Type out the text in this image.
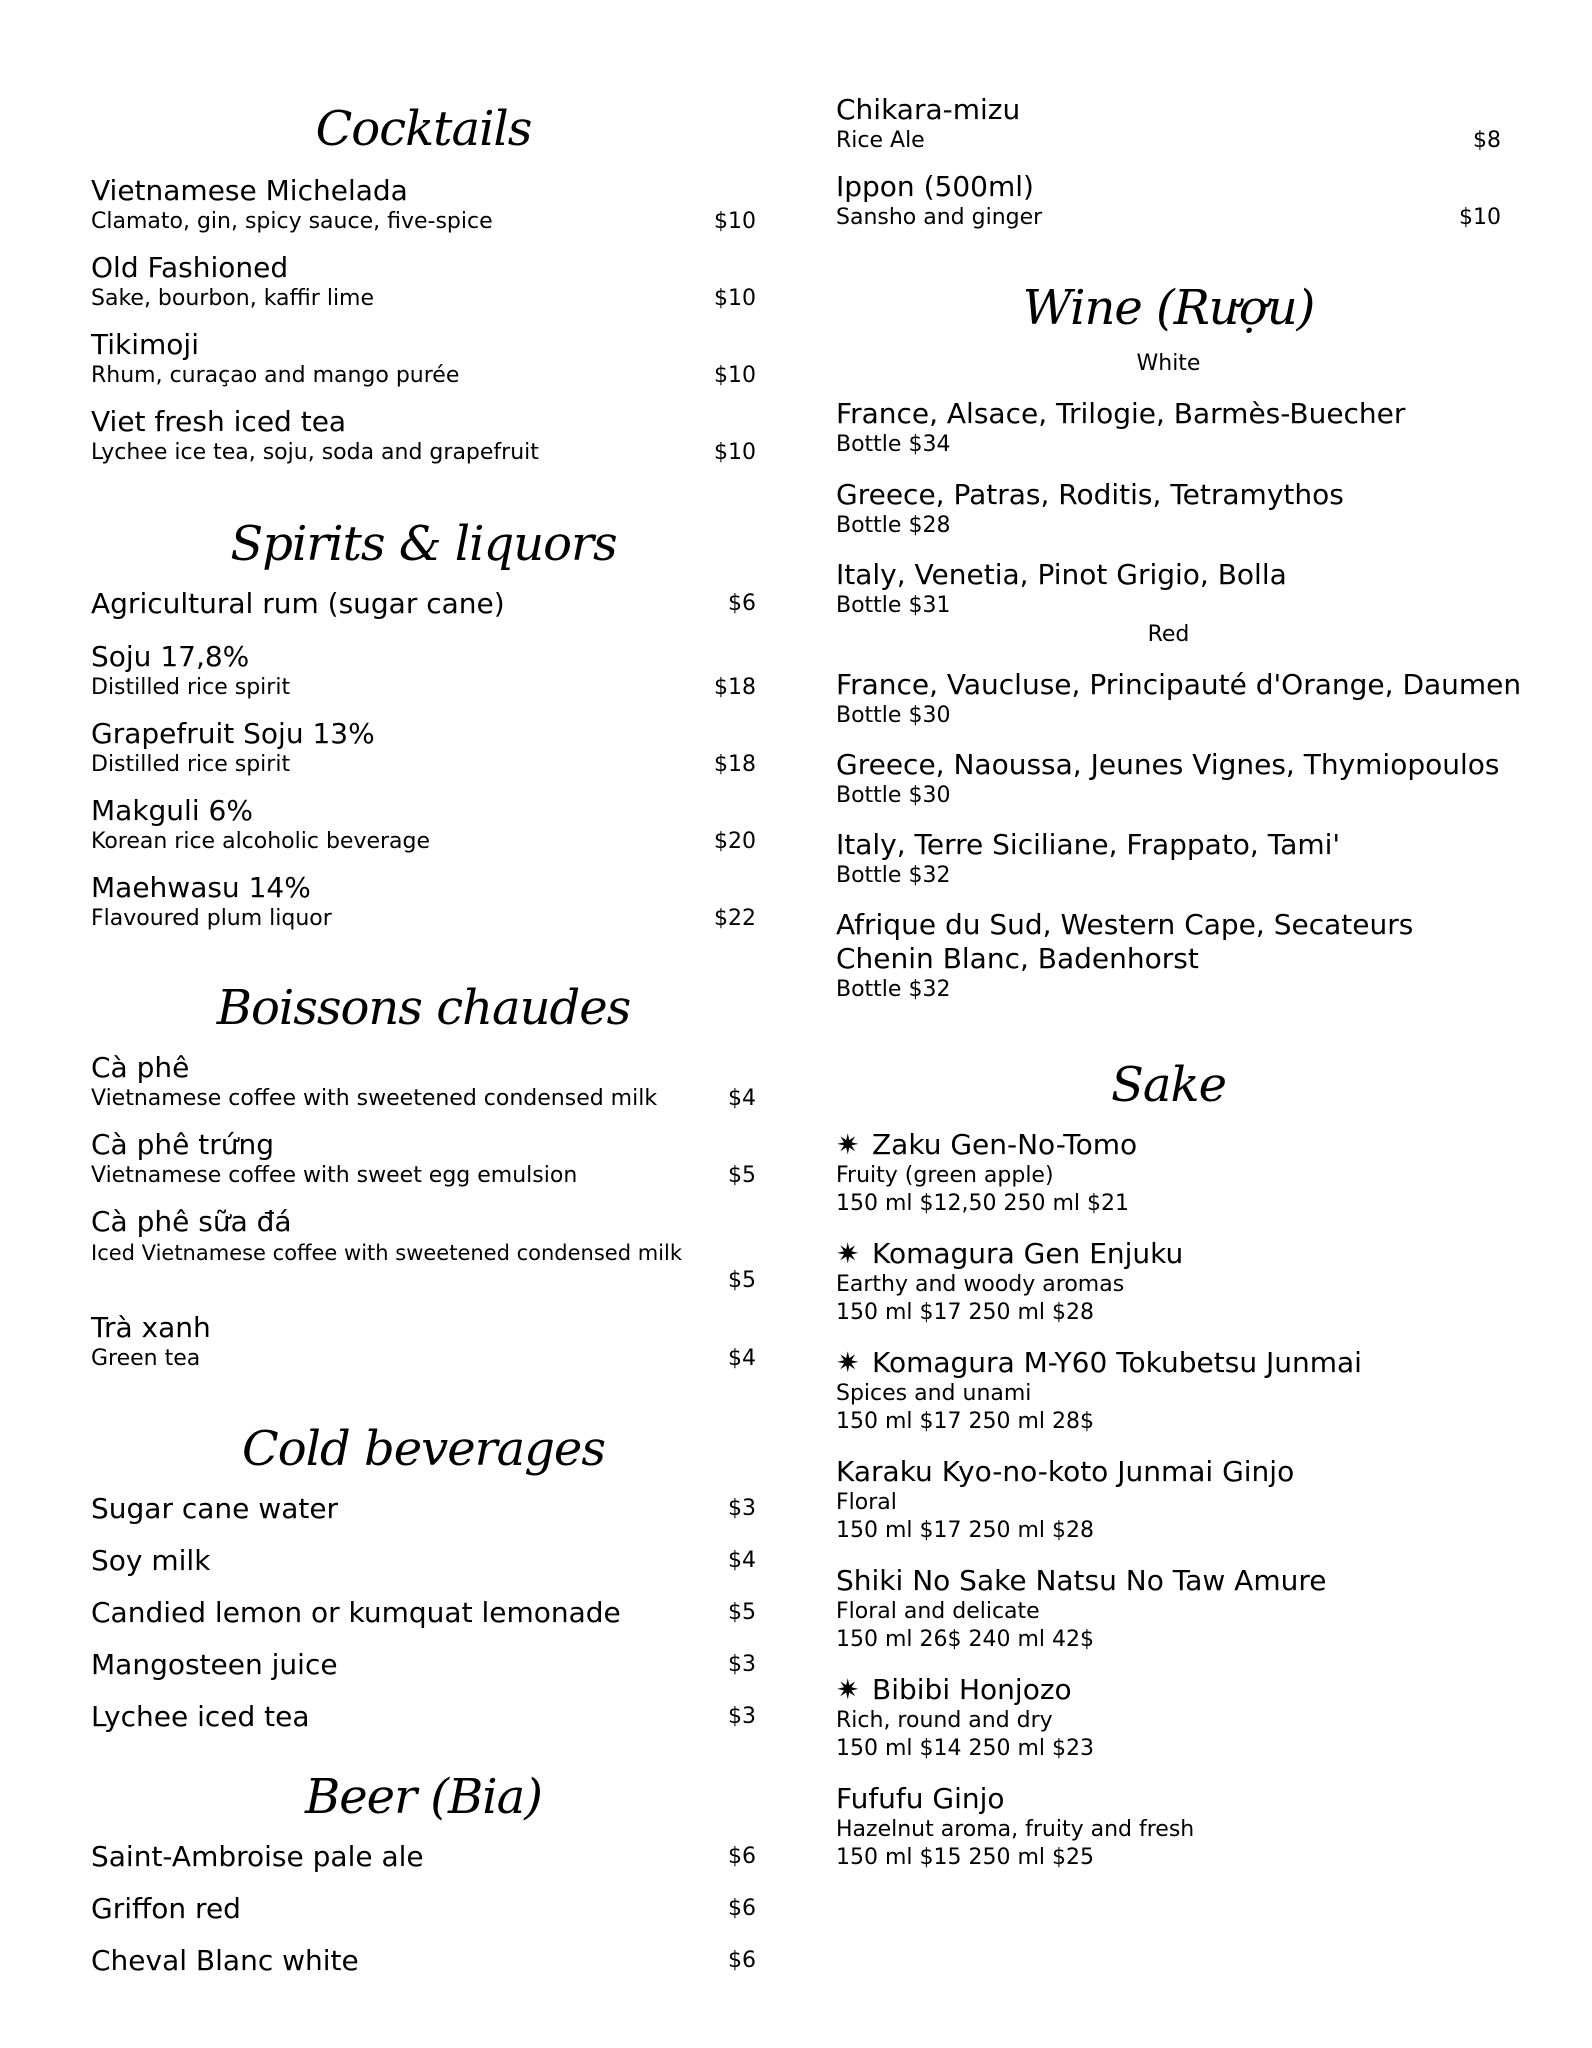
Cocktails
Vietnamese Michelada
Clamato, gin, spicy sauce, five-spice	$10
Old Fashioned
Sake, bourbon, kaffir lime	$10
Tikimoji
Rhum, curaçao and mango purée	$10
Viet fresh iced tea
Lychee ice tea, soju, soda and grapefruit	$10
Spirits & liquors
Agricultural rum (sugar cane)	$6
Soju 17,8%
Distilled rice spirit	$18
Grapefruit Soju 13%
Distilled rice spirit	$18
Makguli 6%
Korean rice alcoholic beverage	$20
Maehwasu 14%
Flavoured plum liquor	$22
Boissons chaudes
Cà phê
Vietnamese coffee with sweetened condensed milk	$4
Cà phê trứng
Vietnamese coffee with sweet egg emulsion	$5
Cà phê sữa đá
Iced Vietnamese coffee with sweetened condensed milk
$5
Trà xanh
Green tea	$4
Cold beverages
Sugar cane water	$3
Soy milk	$4
Candied lemon or kumquat lemonade	$5
Mangosteen juice	$3
Lychee iced tea	$3
Beer (Bia)
Saint-Ambroise pale ale	$6
Griffon red	$6
Cheval Blanc white	$6
Chikara-mizu
Rice Ale	$8
Ippon (500ml)
Sansho and ginger	$10
Wine (Rượu)
White
France, Alsace, Trilogie, Barmès-Buecher
Bottle $34
Greece, Patras, Roditis, Tetramythos
Bottle $28
Italy, Venetia, Pinot Grigio, Bolla
Bottle $31
Red
France, Vaucluse, Principauté d'Orange, Daumen
Bottle $30
Greece, Naoussa, Jeunes Vignes, Thymiopoulos
Bottle $30
Italy, Terre Siciliane, Frappato, Tami'
Bottle $32
Afrique du Sud, Western Cape, Secateurs Chenin Blanc, Badenhorst
Bottle $32
Sake
✷ Zaku Gen-No-Tomo
Fruity (green apple)
150 ml $12,50 250 ml $21
✷ Komagura Gen Enjuku
Earthy and woody aromas
150 ml $17 250 ml $28
✷ Komagura M-Y60 Tokubetsu Junmai
Spices and unami
150 ml $17 250 ml 28$
Karaku Kyo-no-koto Junmai Ginjo
Floral
150 ml $17 250 ml $28
Shiki No Sake Natsu No Taw Amure
Floral and delicate
150 ml 26$ 240 ml 42$
✷ Bibibi Honjozo
Rich, round and dry
150 ml $14 250 ml $23
Fufufu Ginjo
Hazelnut aroma, fruity and fresh
150 ml $15 250 ml $25
